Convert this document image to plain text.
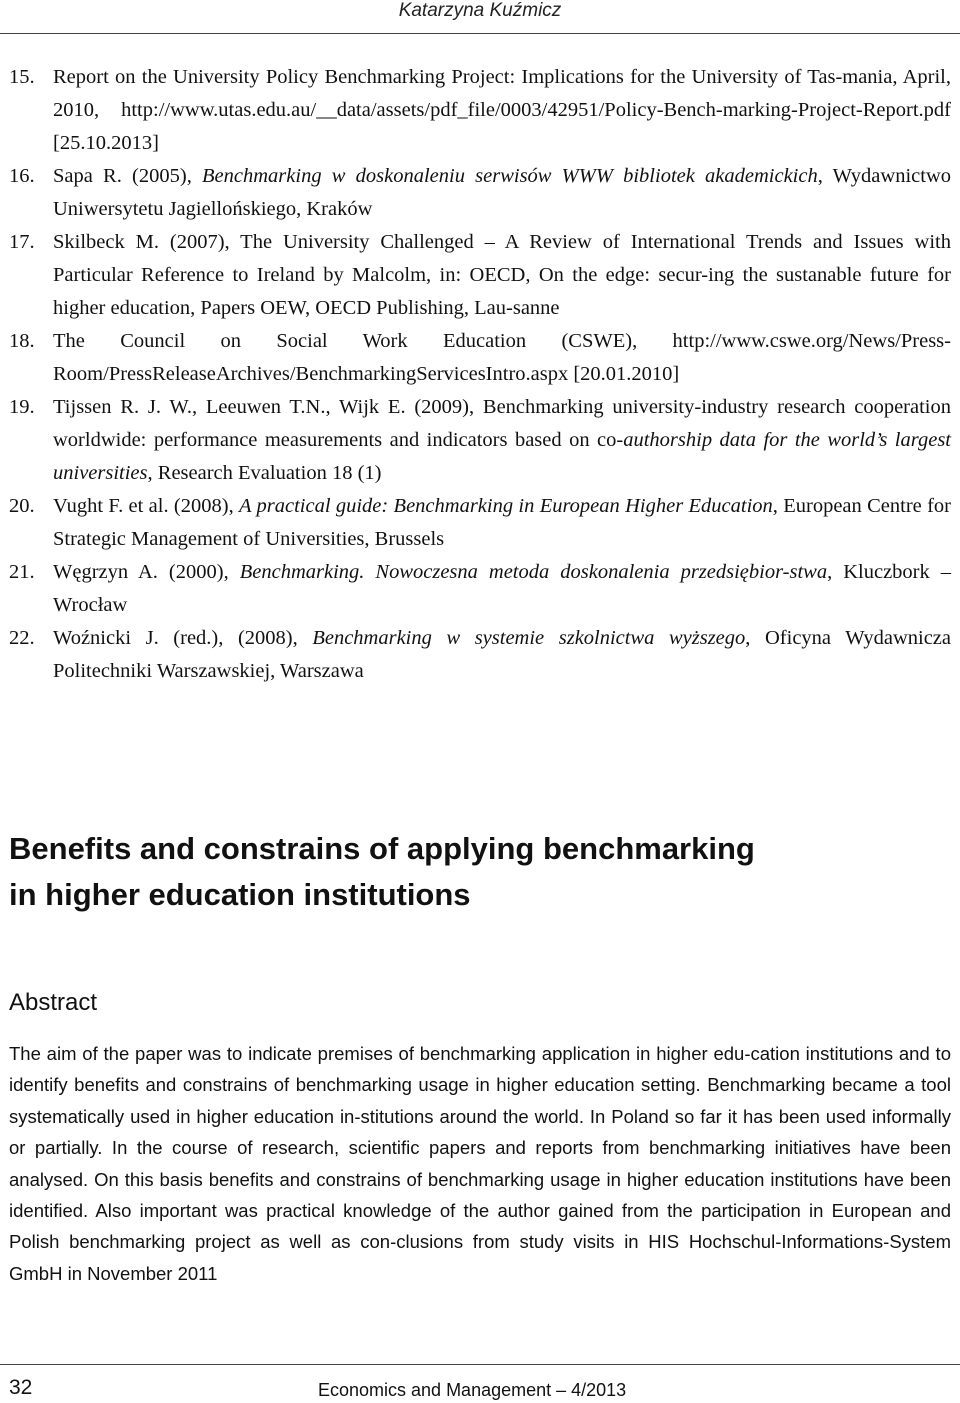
Katarzyna Kuźmicz
15. Report on the University Policy Benchmarking Project: Implications for the University of Tas-mania, April, 2010, http://www.utas.edu.au/__data/assets/pdf_file/0003/42951/Policy-Bench-marking-Project-Report.pdf [25.10.2013]
16. Sapa R. (2005), Benchmarking w doskonaleniu serwisów WWW bibliotek akademickich, Wydawnictwo Uniwersytetu Jagiellońskiego, Kraków
17. Skilbeck M. (2007), The University Challenged – A Review of International Trends and Issues with Particular Reference to Ireland by Malcolm, in: OECD, On the edge: secur-ing the sustanable future for higher education, Papers OEW, OECD Publishing, Lau-sanne
18. The Council on Social Work Education (CSWE), http://www.cswe.org/News/Press-Room/PressReleaseArchives/BenchmarkingServicesIntro.aspx [20.01.2010]
19. Tijssen R. J. W., Leeuwen T.N., Wijk E. (2009), Benchmarking university-industry research cooperation worldwide: performance measurements and indicators based on co-authorship data for the world’s largest universities, Research Evaluation 18 (1)
20. Vught F. et al. (2008), A practical guide: Benchmarking in European Higher Education, European Centre for Strategic Management of Universities, Brussels
21. Węgrzyn A. (2000), Benchmarking. Nowoczesna metoda doskonalenia przedsiębior-stwa, Kluczbork – Wrocław
22. Woźnicki J. (red.), (2008), Benchmarking w systemie szkolnictwa wyższego, Oficyna Wydawnicza Politechniki Warszawskiej, Warszawa
Benefits and constrains of applying benchmarking
in higher education institutions
Abstract
The aim of the paper was to indicate premises of benchmarking application in higher edu-cation institutions and to identify benefits and constrains of benchmarking usage in higher education setting. Benchmarking became a tool systematically used in higher education in-stitutions around the world. In Poland so far it has been used informally or partially. In the course of research, scientific papers and reports from benchmarking initiatives have been analysed. On this basis benefits and constrains of benchmarking usage in higher education institutions have been identified. Also important was practical knowledge of the author gained from the participation in European and Polish benchmarking project as well as con-clusions from study visits in HIS Hochschul-Informations-System GmbH in November 2011
32	Economics and Management – 4/2013
